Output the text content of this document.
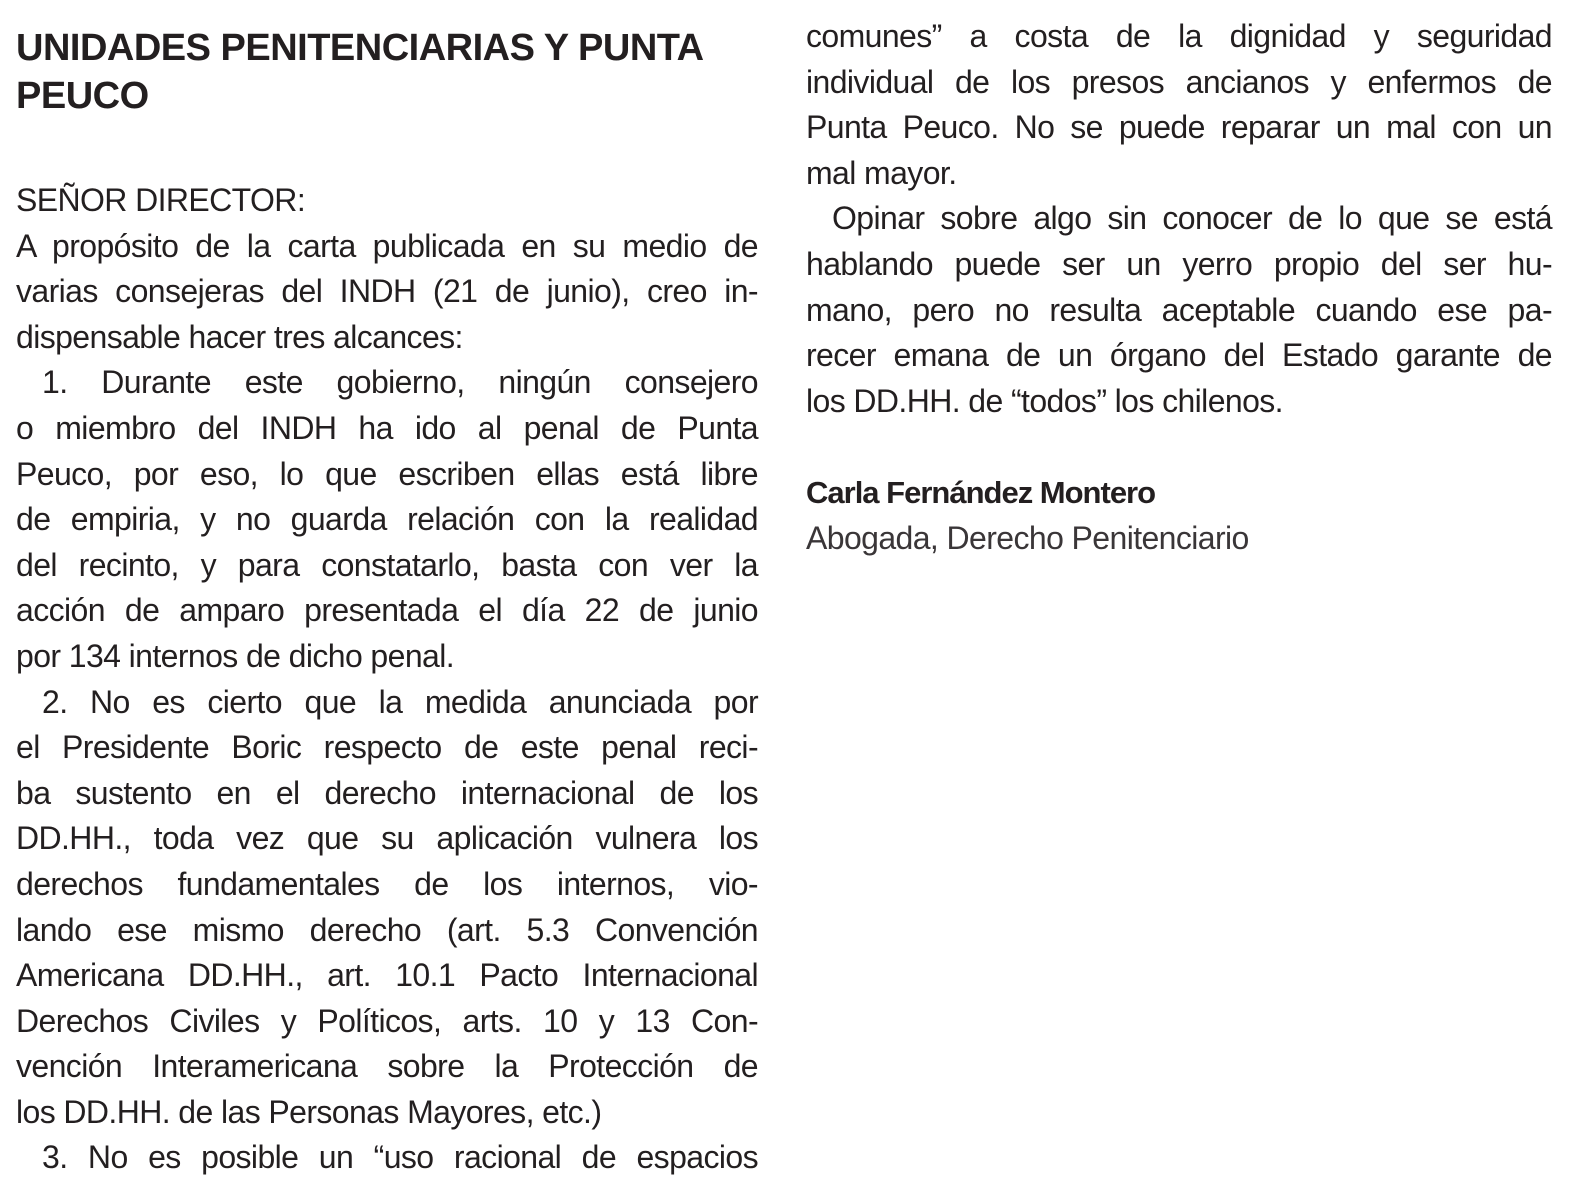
UNIDADES PENITENCIARIAS Y PUNTA
PEUCO
SEÑOR DIRECTOR:
A propósito de la carta publicada en su medio de
varias consejeras del INDH (21 de junio), creo in-
dispensable hacer tres alcances:
1. Durante este gobierno, ningún consejero
o miembro del INDH ha ido al penal de Punta
Peuco, por eso, lo que escriben ellas está libre
de empiria, y no guarda relación con la realidad
del recinto, y para constatarlo, basta con ver la
acción de amparo presentada el día 22 de junio
por 134 internos de dicho penal.
2. No es cierto que la medida anunciada por
el Presidente Boric respecto de este penal reci-
ba sustento en el derecho internacional de los
DD.HH., toda vez que su aplicación vulnera los
derechos fundamentales de los internos, vio-
lando ese mismo derecho (art. 5.3 Convención
Americana DD.HH., art. 10.1 Pacto Internacional
Derechos Civiles y Políticos, arts. 10 y 13 Con-
vención Interamericana sobre la Protección de
los DD.HH. de las Personas Mayores, etc.)
3. No es posible un “uso racional de espacios
comunes” a costa de la dignidad y seguridad
individual de los presos ancianos y enfermos de
Punta Peuco. No se puede reparar un mal con un
mal mayor.
Opinar sobre algo sin conocer de lo que se está
hablando puede ser un yerro propio del ser hu-
mano, pero no resulta aceptable cuando ese pa-
recer emana de un órgano del Estado garante de
los DD.HH. de “todos” los chilenos.
Carla Fernández Montero
Abogada, Derecho Penitenciario
